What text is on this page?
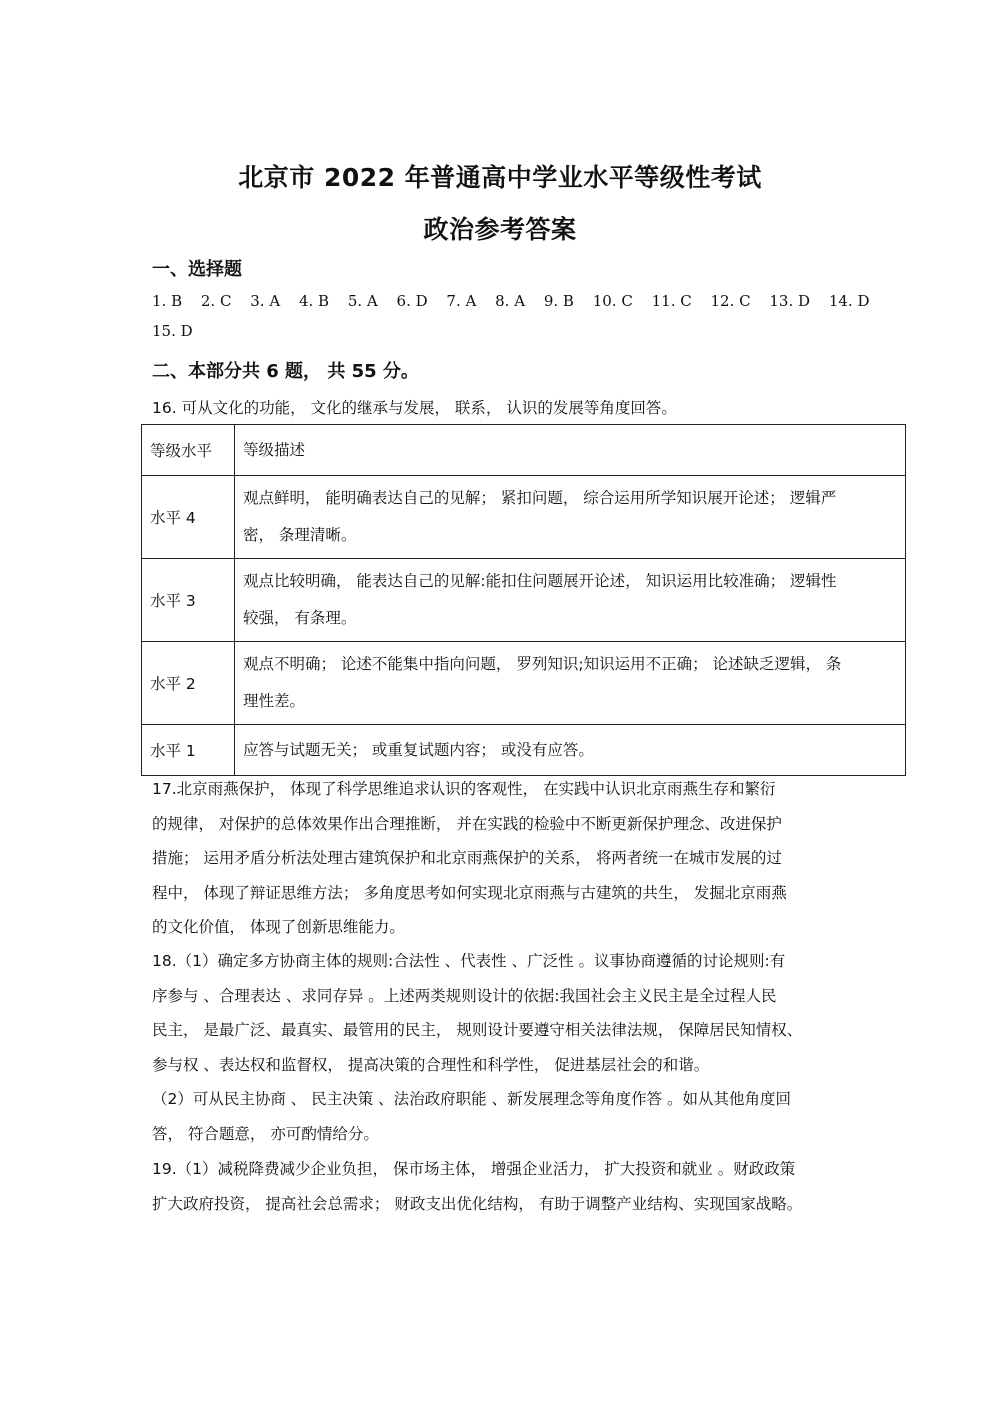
北京市 2022 年普通高中学业水平等级性考试
政治参考答案
一、选择题
1. B 2. C 3. A 4. B 5. A 6. D 7. A 8. A 9. B 10. C 11. C 12. C 13. D 14. D
15. D
二、本部分共 6 题， 共 55 分。
16. 可从文化的功能， 文化的继承与发展， 联系， 认识的发展等角度回答。
等级水平	等级描述
水平 4	观点鲜明， 能明确表达自己的见解； 紧扣问题， 综合运用所学知识展开论述； 逻辑严
密， 条理清晰。

水平 3	观点比较明确， 能表达自己的见解:能扣住问题展开论述， 知识运用比较准确； 逻辑性
较强， 有条理。

水平 2	观点不明确； 论述不能集中指向问题， 罗列知识;知识运用不正确； 论述缺乏逻辑， 条
理性差。

水平 1	应答与试题无关； 或重复试题内容； 或没有应答。
17.北京雨燕保护， 体现了科学思维追求认识的客观性， 在实践中认识北京雨燕生存和繁衍
的规律， 对保护的总体效果作出合理推断， 并在实践的检验中不断更新保护理念、改进保护
措施； 运用矛盾分析法处理古建筑保护和北京雨燕保护的关系， 将两者统一在城市发展的过
程中， 体现了辩证思维方法； 多角度思考如何实现北京雨燕与古建筑的共生， 发掘北京雨燕
的文化价值， 体现了创新思维能力。
18.（1）确定多方协商主体的规则:合法性 、代表性 、广泛性 。议事协商遵循的讨论规则:有
序参与 、合理表达 、求同存异 。上述两类规则设计的依据:我国社会主义民主是全过程人民
民主， 是最广泛、最真实、最管用的民主， 规则设计要遵守相关法律法规， 保障居民知情权、
参与权 、表达权和监督权， 提高决策的合理性和科学性， 促进基层社会的和谐。
（2）可从民主协商 、 民主决策 、法治政府职能 、新发展理念等角度作答 。如从其他角度回
答， 符合题意， 亦可酌情给分。
19.（1）减税降费减少企业负担， 保市场主体， 增强企业活力， 扩大投资和就业 。财政政策
扩大政府投资， 提高社会总需求； 财政支出优化结构， 有助于调整产业结构、实现国家战略。
